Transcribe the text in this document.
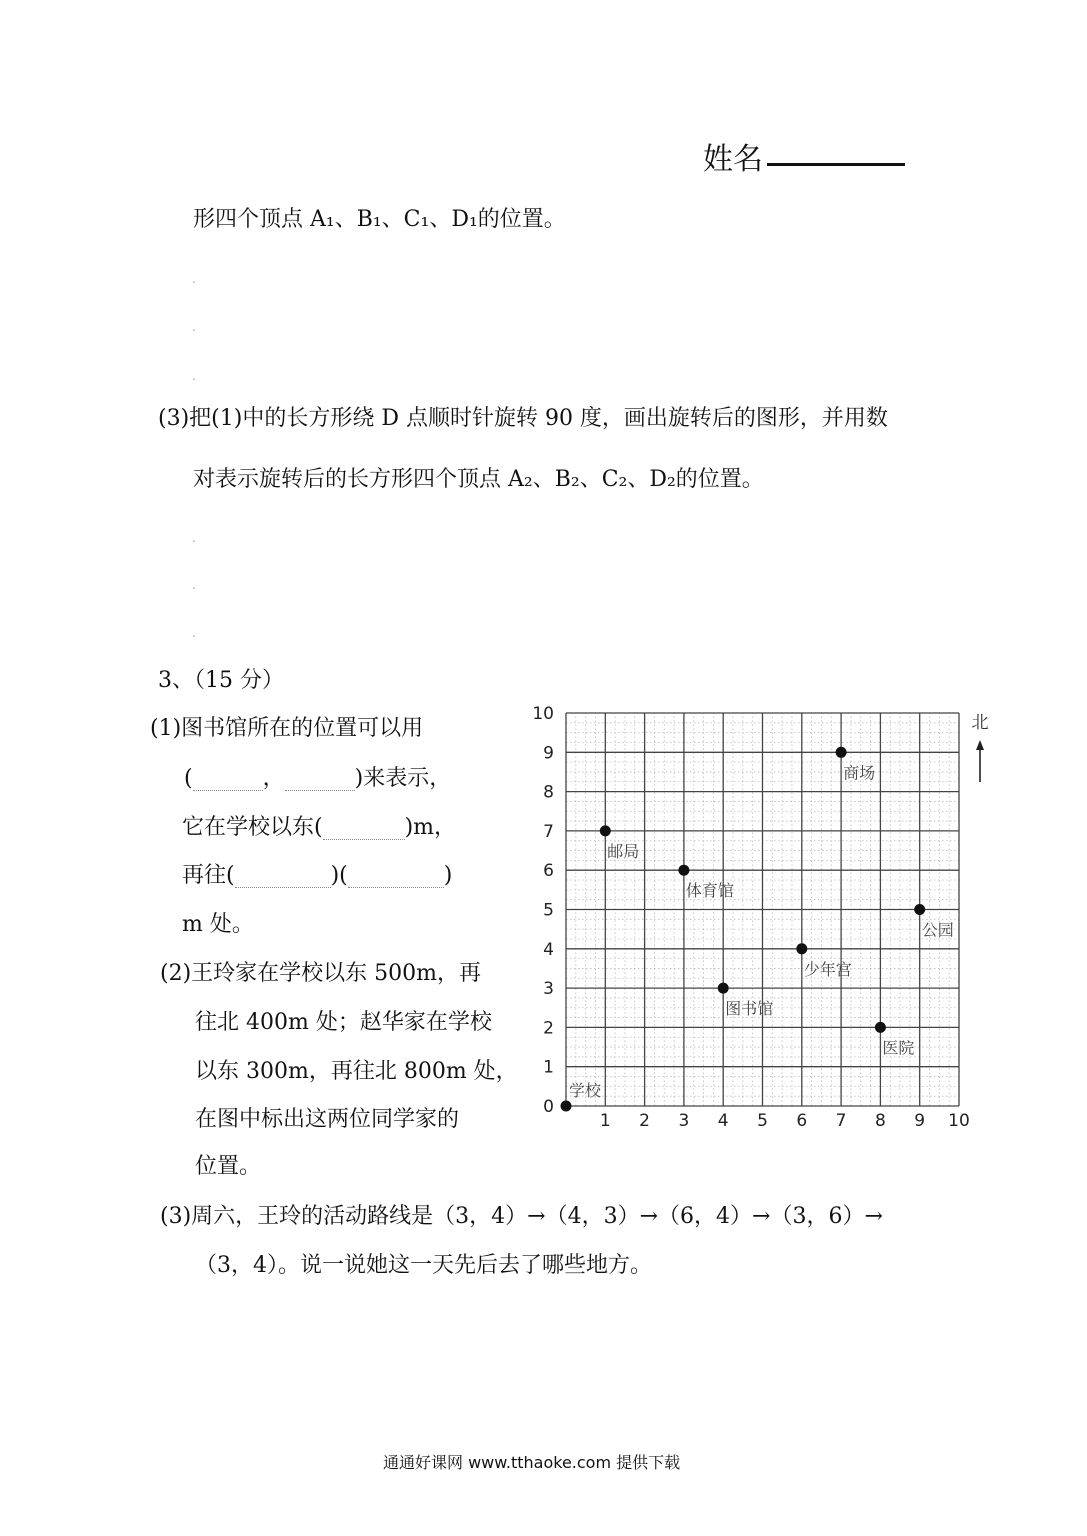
姓名
形四个顶点 A₁、B₁、C₁、D₁的位置。
.
.
.
(3)把(1)中的长方形绕 D 点顺时针旋转 90 度，画出旋转后的图形，并用数
对表示旋转后的长方形四个顶点 A₂、B₂、C₂、D₂的位置。
.
.
.
3、（15 分）
(1)图书馆所在的位置可以用
(	，	)来表示，
它在学校以东(	)m，
再往(	)(	)
m 处。
(2)王玲家在学校以东 500m，再
往北 400m 处；赵华家在学校
以东 300m，再往北 800m 处，
在图中标出这两位同学家的
位置。
(3)周六，王玲的活动路线是（3，4）→（4，3）→（6，4）→（3，6）→
（3，4）。说一说她这一天先后去了哪些地方。
1 2 3 4 5 6 7 8 9 10
0
1
2
3
4
5
6
7
8
9
10
学校
邮局
体育馆
图书馆
少年宫
商场
医院
公园
北
通通好课网 www.tthaoke.com 提供下载
